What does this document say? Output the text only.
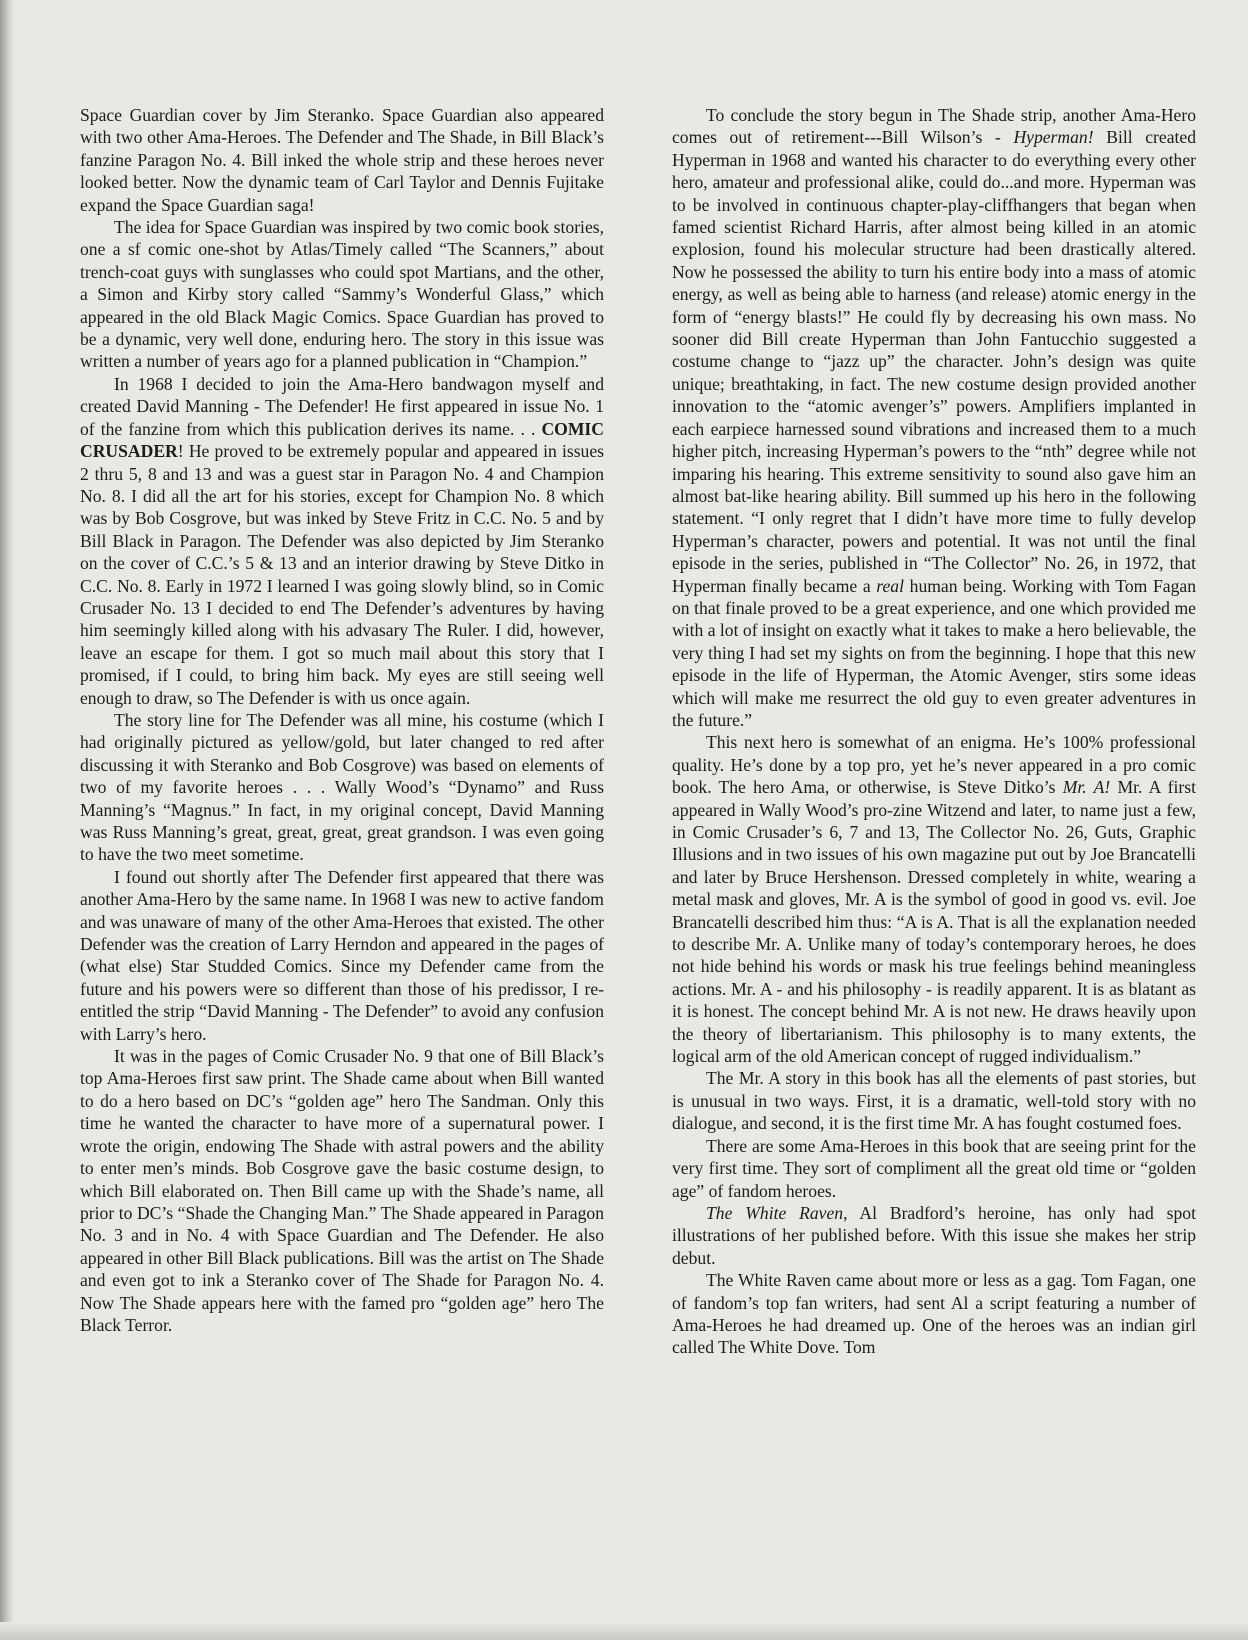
Space Guardian cover by Jim Steranko. Space Guardian also appeared with two other Ama-Heroes. The Defender and The Shade, in Bill Black’s fanzine Paragon No. 4. Bill inked the whole strip and these heroes never looked better. Now the dynamic team of Carl Taylor and Dennis Fujitake expand the Space Guardian saga!

The idea for Space Guardian was inspired by two comic book stories, one a sf comic one-shot by Atlas/Timely called “The Scanners,” about trench-coat guys with sunglasses who could spot Martians, and the other, a Simon and Kirby story called “Sammy’s Wonderful Glass,” which appeared in the old Black Magic Comics. Space Guardian has proved to be a dynamic, very well done, enduring hero. The story in this issue was written a number of years ago for a planned publication in “Champion.”

In 1968 I decided to join the Ama-Hero bandwagon myself and created David Manning - The Defender! He first appeared in issue No. 1 of the fanzine from which this publication derives its name. . . COMIC CRUSADER! He proved to be extremely popular and appeared in issues 2 thru 5, 8 and 13 and was a guest star in Paragon No. 4 and Champion No. 8. I did all the art for his stories, except for Champion No. 8 which was by Bob Cosgrove, but was inked by Steve Fritz in C.C. No. 5 and by Bill Black in Paragon. The Defender was also depicted by Jim Steranko on the cover of C.C.’s 5 & 13 and an interior drawing by Steve Ditko in C.C. No. 8. Early in 1972 I learned I was going slowly blind, so in Comic Crusader No. 13 I decided to end The Defender’s adventures by having him seemingly killed along with his advasary The Ruler. I did, however, leave an escape for them. I got so much mail about this story that I promised, if I could, to bring him back. My eyes are still seeing well enough to draw, so The Defender is with us once again.

The story line for The Defender was all mine, his costume (which I had originally pictured as yellow/gold, but later changed to red after discussing it with Steranko and Bob Cosgrove) was based on elements of two of my favorite heroes . . . Wally Wood’s “Dynamo” and Russ Manning’s “Magnus.” In fact, in my original concept, David Manning was Russ Manning’s great, great, great, great grandson. I was even going to have the two meet sometime.

I found out shortly after The Defender first appeared that there was another Ama-Hero by the same name. In 1968 I was new to active fandom and was unaware of many of the other Ama-Heroes that existed. The other Defender was the creation of Larry Herndon and appeared in the pages of (what else) Star Studded Comics. Since my Defender came from the future and his powers were so different than those of his predissor, I re-entitled the strip “David Manning - The Defender” to avoid any confusion with Larry’s hero.

It was in the pages of Comic Crusader No. 9 that one of Bill Black’s top Ama-Heroes first saw print. The Shade came about when Bill wanted to do a hero based on DC’s “golden age” hero The Sandman. Only this time he wanted the character to have more of a supernatural power. I wrote the origin, endowing The Shade with astral powers and the ability to enter men’s minds. Bob Cosgrove gave the basic costume design, to which Bill elaborated on. Then Bill came up with the Shade’s name, all prior to DC’s “Shade the Changing Man.” The Shade appeared in Paragon No. 3 and in No. 4 with Space Guardian and The Defender. He also appeared in other Bill Black publications. Bill was the artist on The Shade and even got to ink a Steranko cover of The Shade for Paragon No. 4. Now The Shade appears here with the famed pro “golden age” hero The Black Terror.

To conclude the story begun in The Shade strip, another Ama-Hero comes out of retirement---Bill Wilson’s - Hyperman! Bill created Hyperman in 1968 and wanted his character to do everything every other hero, amateur and professional alike, could do...and more. Hyperman was to be involved in continuous chapter-play-cliffhangers that began when famed scientist Richard Harris, after almost being killed in an atomic explosion, found his molecular structure had been drastically altered. Now he possessed the ability to turn his entire body into a mass of atomic energy, as well as being able to harness (and release) atomic energy in the form of “energy blasts!” He could fly by decreasing his own mass. No sooner did Bill create Hyperman than John Fantucchio suggested a costume change to “jazz up” the character. John’s design was quite unique; breathtaking, in fact. The new costume design provided another innovation to the “atomic avenger’s” powers. Amplifiers implanted in each earpiece harnessed sound vibrations and increased them to a much higher pitch, increasing Hyperman’s powers to the “nth” degree while not imparing his hearing. This extreme sensitivity to sound also gave him an almost bat-like hearing ability. Bill summed up his hero in the following statement. “I only regret that I didn’t have more time to fully develop Hyperman’s character, powers and potential. It was not until the final episode in the series, published in “The Collector” No. 26, in 1972, that Hyperman finally became a real human being. Working with Tom Fagan on that finale proved to be a great experience, and one which provided me with a lot of insight on exactly what it takes to make a hero believable, the very thing I had set my sights on from the beginning. I hope that this new episode in the life of Hyperman, the Atomic Avenger, stirs some ideas which will make me resurrect the old guy to even greater adventures in the future.”

This next hero is somewhat of an enigma. He’s 100% professional quality. He’s done by a top pro, yet he’s never appeared in a pro comic book. The hero Ama, or otherwise, is Steve Ditko’s Mr. A! Mr. A first appeared in Wally Wood’s pro-zine Witzend and later, to name just a few, in Comic Crusader’s 6, 7 and 13, The Collector No. 26, Guts, Graphic Illusions and in two issues of his own magazine put out by Joe Brancatelli and later by Bruce Hershenson. Dressed completely in white, wearing a metal mask and gloves, Mr. A is the symbol of good in good vs. evil. Joe Brancatelli described him thus: “A is A. That is all the explanation needed to describe Mr. A. Unlike many of today’s contemporary heroes, he does not hide behind his words or mask his true feelings behind meaningless actions. Mr. A - and his philosophy - is readily apparent. It is as blatant as it is honest. The concept behind Mr. A is not new. He draws heavily upon the theory of libertarianism. This philosophy is to many extents, the logical arm of the old American concept of rugged individualism.”

The Mr. A story in this book has all the elements of past stories, but is unusual in two ways. First, it is a dramatic, well-told story with no dialogue, and second, it is the first time Mr. A has fought costumed foes.

There are some Ama-Heroes in this book that are seeing print for the very first time. They sort of compliment all the great old time or “golden age” of fandom heroes.

The White Raven, Al Bradford’s heroine, has only had spot illustrations of her published before. With this issue she makes her strip debut.

The White Raven came about more or less as a gag. Tom Fagan, one of fandom’s top fan writers, had sent Al a script featuring a number of Ama-Heroes he had dreamed up. One of the heroes was an indian girl called The White Dove. Tom
